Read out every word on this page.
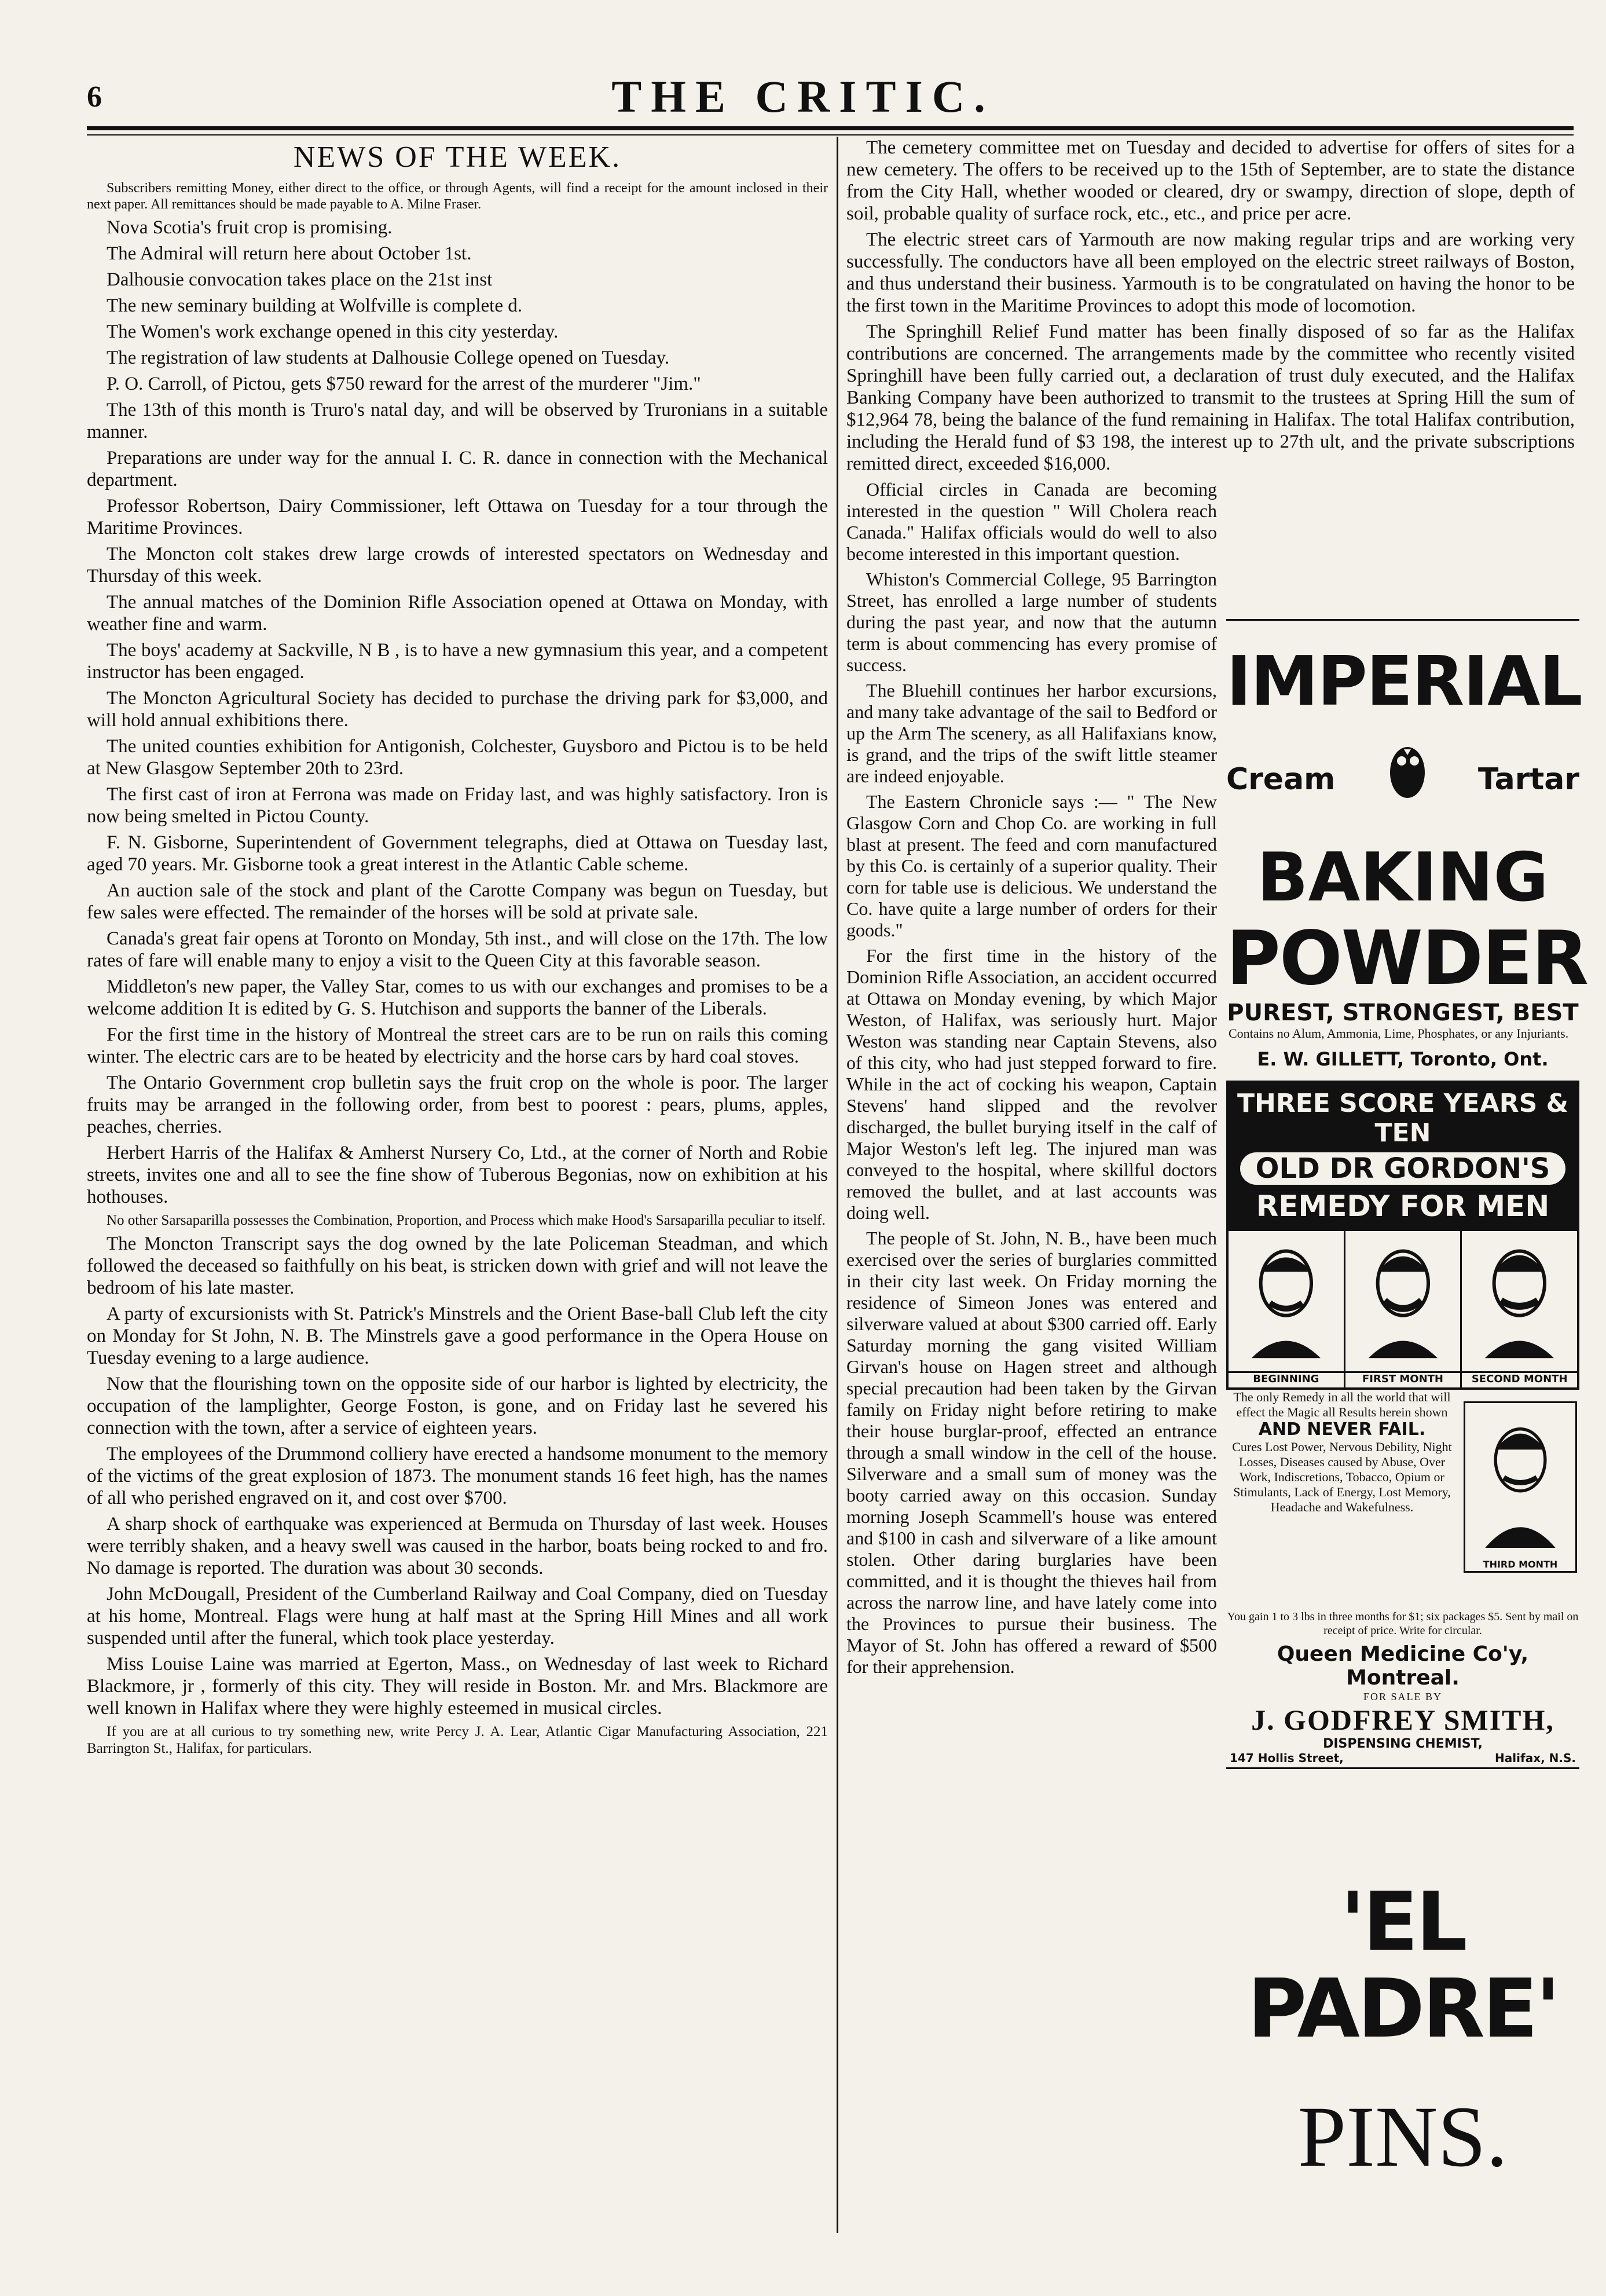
6	THE CRITIC.
NEWS OF THE WEEK.

Subscribers remitting Money, either direct to the office, or through Agents, will find a receipt for the amount inclosed in their next paper. All remittances should be made payable to A. Milne Fraser.

Nova Scotia's fruit crop is promising.

The Admiral will return here about October 1st.

Dalhousie convocation takes place on the 21st inst

The new seminary building at Wolfville is complete d.

The Women's work exchange opened in this city yesterday.

The registration of law students at Dalhousie College opened on Tuesday.

P. O. Carroll, of Pictou, gets $750 reward for the arrest of the murderer "Jim."

The 13th of this month is Truro's natal day, and will be observed by Truronians in a suitable manner.

Preparations are under way for the annual I. C. R. dance in connection with the Mechanical department.

Professor Robertson, Dairy Commissioner, left Ottawa on Tuesday for a tour through the Maritime Provinces.

The Moncton colt stakes drew large crowds of interested spectators on Wednesday and Thursday of this week.

The annual matches of the Dominion Rifle Association opened at Ottawa on Monday, with weather fine and warm.

The boys' academy at Sackville, N B , is to have a new gymnasium this year, and a competent instructor has been engaged.

The Moncton Agricultural Society has decided to purchase the driving park for $3,000, and will hold annual exhibitions there.

The united counties exhibition for Antigonish, Colchester, Guysboro and Pictou is to be held at New Glasgow September 20th to 23rd.

The first cast of iron at Ferrona was made on Friday last, and was highly satisfactory. Iron is now being smelted in Pictou County.

F. N. Gisborne, Superintendent of Government telegraphs, died at Ottawa on Tuesday last, aged 70 years. Mr. Gisborne took a great interest in the Atlantic Cable scheme.

An auction sale of the stock and plant of the Carotte Company was begun on Tuesday, but few sales were effected. The remainder of the horses will be sold at private sale.

Canada's great fair opens at Toronto on Monday, 5th inst., and will close on the 17th. The low rates of fare will enable many to enjoy a visit to the Queen City at this favorable season.

Middleton's new paper, the Valley Star, comes to us with our exchanges and promises to be a welcome addition It is edited by G. S. Hutchison and supports the banner of the Liberals.

For the first time in the history of Montreal the street cars are to be run on rails this coming winter. The electric cars are to be heated by electricity and the horse cars by hard coal stoves.

The Ontario Government crop bulletin says the fruit crop on the whole is poor. The larger fruits may be arranged in the following order, from best to poorest : pears, plums, apples, peaches, cherries.

Herbert Harris of the Halifax & Amherst Nursery Co, Ltd., at the corner of North and Robie streets, invites one and all to see the fine show of Tuberous Begonias, now on exhibition at his hothouses.

No other Sarsaparilla possesses the Combination, Proportion, and Process which make Hood's Sarsaparilla peculiar to itself.

The Moncton Transcript says the dog owned by the late Policeman Steadman, and which followed the deceased so faithfully on his beat, is stricken down with grief and will not leave the bedroom of his late master.

A party of excursionists with St. Patrick's Minstrels and the Orient Base-ball Club left the city on Monday for St John, N. B. The Minstrels gave a good performance in the Opera House on Tuesday evening to a large audience.

Now that the flourishing town on the opposite side of our harbor is lighted by electricity, the occupation of the lamplighter, George Foston, is gone, and on Friday last he severed his connection with the town, after a service of eighteen years.

The employees of the Drummond colliery have erected a handsome monument to the memory of the victims of the great explosion of 1873. The monument stands 16 feet high, has the names of all who perished engraved on it, and cost over $700.

A sharp shock of earthquake was experienced at Bermuda on Thursday of last week. Houses were terribly shaken, and a heavy swell was caused in the harbor, boats being rocked to and fro. No damage is reported. The duration was about 30 seconds.

John McDougall, President of the Cumberland Railway and Coal Company, died on Tuesday at his home, Montreal. Flags were hung at half mast at the Spring Hill Mines and all work suspended until after the funeral, which took place yesterday.

Miss Louise Laine was married at Egerton, Mass., on Wednesday of last week to Richard Blackmore, jr , formerly of this city. They will reside in Boston. Mr. and Mrs. Blackmore are well known in Halifax where they were highly esteemed in musical circles.

If you are at all curious to try something new, write Percy J. A. Lear, Atlantic Cigar Manufacturing Association, 221 Barrington St., Halifax, for particulars.

The cemetery committee met on Tuesday and decided to advertise for offers of sites for a new cemetery. The offers to be received up to the 15th of September, are to state the distance from the City Hall, whether wooded or cleared, dry or swampy, direction of slope, depth of soil, probable quality of surface rock, etc., etc., and price per acre.

The electric street cars of Yarmouth are now making regular trips and are working very successfully. The conductors have all been employed on the electric street railways of Boston, and thus understand their business. Yarmouth is to be congratulated on having the honor to be the first town in the Maritime Provinces to adopt this mode of locomotion.

The Springhill Relief Fund matter has been finally disposed of so far as the Halifax contributions are concerned. The arrangements made by the committee who recently visited Springhill have been fully carried out, a declaration of trust duly executed, and the Halifax Banking Company have been authorized to transmit to the trustees at Spring Hill the sum of $12,964 78, being the balance of the fund remaining in Halifax. The total Halifax contribution, including the Herald fund of $3 198, the interest up to 27th ult, and the private subscriptions remitted direct, exceeded $16,000.

Official circles in Canada are becoming interested in the question " Will Cholera reach Canada." Halifax officials would do well to also become interested in this important question.

Whiston's Commercial College, 95 Barrington Street, has enrolled a large number of students during the past year, and now that the autumn term is about commencing has every promise of success.

The Bluehill continues her harbor excursions, and many take advantage of the sail to Bedford or up the Arm The scenery, as all Halifaxians know, is grand, and the trips of the swift little steamer are indeed enjoyable.

The Eastern Chronicle says :— " The New Glasgow Corn and Chop Co. are working in full blast at present. The feed and corn manufactured by this Co. is certainly of a superior quality. Their corn for table use is delicious. We understand the Co. have quite a large number of orders for their goods."

For the first time in the history of the Dominion Rifle Association, an accident occurred at Ottawa on Monday evening, by which Major Weston, of Halifax, was seriously hurt. Major Weston was standing near Captain Stevens, also of this city, who had just stepped forward to fire. While in the act of cocking his weapon, Captain Stevens' hand slipped and the revolver discharged, the bullet burying itself in the calf of Major Weston's left leg. The injured man was conveyed to the hospital, where skillful doctors removed the bullet, and at last accounts was doing well.

The people of St. John, N. B., have been much exercised over the series of burglaries committed in their city last week. On Friday morning the residence of Simeon Jones was entered and silverware valued at about $300 carried off. Early Saturday morning the gang visited William Girvan's house on Hagen street and although special precaution had been taken by the Girvan family on Friday night before retiring to make their house burglar-proof, effected an entrance through a small window in the cell of the house. Silverware and a small sum of money was the booty carried away on this occasion. Sunday morning Joseph Scammell's house was entered and $100 in cash and silverware of a like amount stolen. Other daring burglaries have been committed, and it is thought the thieves hail from across the narrow line, and have lately come into the Provinces to pursue their business. The Mayor of St. John has offered a reward of $500 for their apprehension.

IMPERIAL
Cream	Tartar
BAKING
POWDER
PUREST, STRONGEST, BEST
Contains no Alum, Ammonia, Lime, Phosphates, or any Injuriants.
E. W. GILLETT, Toronto, Ont.
THREE SCORE YEARS & TEN
OLD DR GORDON'S
REMEDY FOR MEN
BEGINNING	FIRST MONTH	SECOND MONTH
The only Remedy in all the world that will effect the Magic all Results herein shown
AND NEVER FAIL.
Cures Lost Power, Nervous Debility, Night Losses, Diseases caused by Abuse, Over Work, Indiscretions, Tobacco, Opium or Stimulants, Lack of Energy, Lost Memory, Headache and Wakefulness.
THIRD MONTH
You gain 1 to 3 lbs in three months for $1; six packages $5. Sent by mail on receipt of price. Write for circular.
Queen Medicine Co'y, Montreal.
FOR SALE BY
J. GODFREY SMITH,
DISPENSING CHEMIST,
147 Hollis Street,	Halifax, N.S.
'EL PADRE'
PINS.
